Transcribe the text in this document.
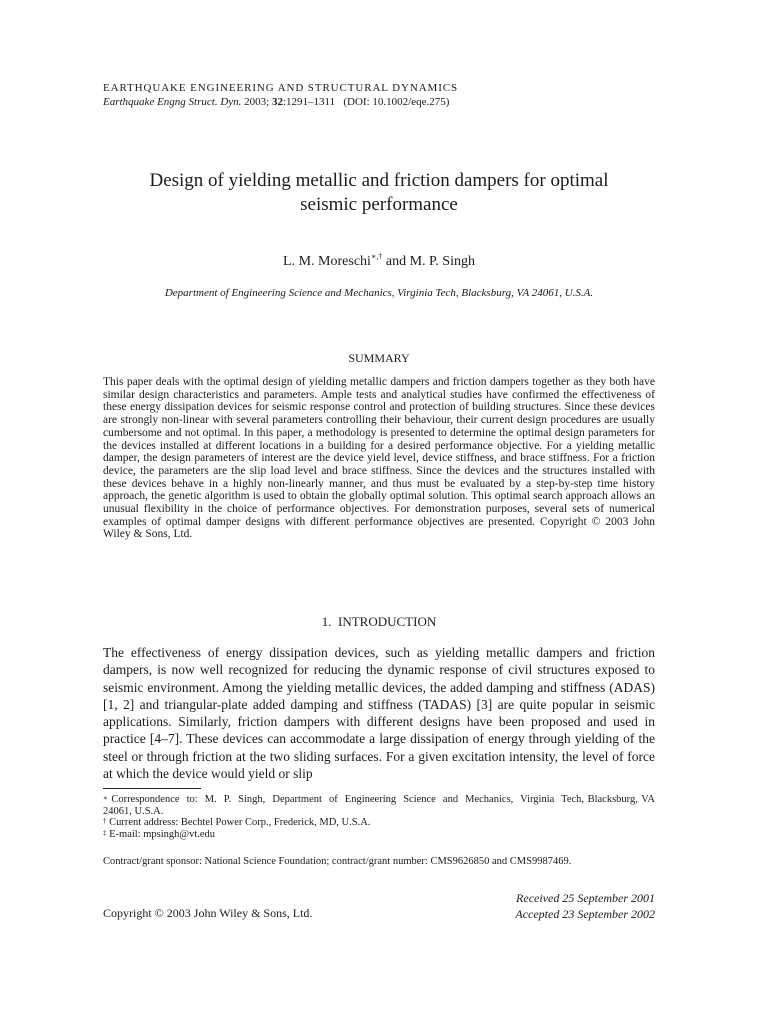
EARTHQUAKE ENGINEERING AND STRUCTURAL DYNAMICS
Earthquake Engng Struct. Dyn. 2003; 32:1291–1311   (DOI: 10.1002/eqe.275)
Design of yielding metallic and friction dampers for optimal
seismic performance
L. M. Moreschi∗,† and M. P. Singh
Department of Engineering Science and Mechanics, Virginia Tech, Blacksburg, VA 24061, U.S.A.
SUMMARY
This paper deals with the optimal design of yielding metallic dampers and friction dampers together as they both have similar design characteristics and parameters. Ample tests and analytical studies have confirmed the effectiveness of these energy dissipation devices for seismic response control and protection of building structures. Since these devices are strongly non-linear with several parameters controlling their behaviour, their current design procedures are usually cumbersome and not optimal. In this paper, a methodology is presented to determine the optimal design parameters for the devices installed at different locations in a building for a desired performance objective. For a yielding metallic damper, the design parameters of interest are the device yield level, device stiffness, and brace stiffness. For a friction device, the parameters are the slip load level and brace stiffness. Since the devices and the structures installed with these devices behave in a highly non-linearly manner, and thus must be evaluated by a step-by-step time history approach, the genetic algorithm is used to obtain the globally optimal solution. This optimal search approach allows an unusual flexibility in the choice of performance objectives. For demonstration purposes, several sets of numerical examples of optimal damper designs with different performance objectives are presented. Copyright © 2003 John Wiley & Sons, Ltd.
1.  INTRODUCTION
The effectiveness of energy dissipation devices, such as yielding metallic dampers and friction dampers, is now well recognized for reducing the dynamic response of civil structures exposed to seismic environment. Among the yielding metallic devices, the added damping and stiffness (ADAS) [1, 2] and triangular-plate added damping and stiffness (TADAS) [3] are quite popular in seismic applications. Similarly, friction dampers with different designs have been proposed and used in practice [4–7]. These devices can accommodate a large dissipation of energy through yielding of the steel or through friction at the two sliding surfaces. For a given excitation intensity, the level of force at which the device would yield or slip
∗ Correspondence  to:  M.  P.  Singh,  Department  of  Engineering  Science  and  Mechanics,  Virginia  Tech, Blacksburg, VA 24061, U.S.A.
† Current address: Bechtel Power Corp., Frederick, MD, U.S.A.
‡ E-mail: mpsingh@vt.edu
Contract/grant sponsor: National Science Foundation; contract/grant number: CMS9626850 and CMS9987469.
Copyright © 2003 John Wiley & Sons, Ltd.
Received 25 September 2001
Accepted 23 September 2002
